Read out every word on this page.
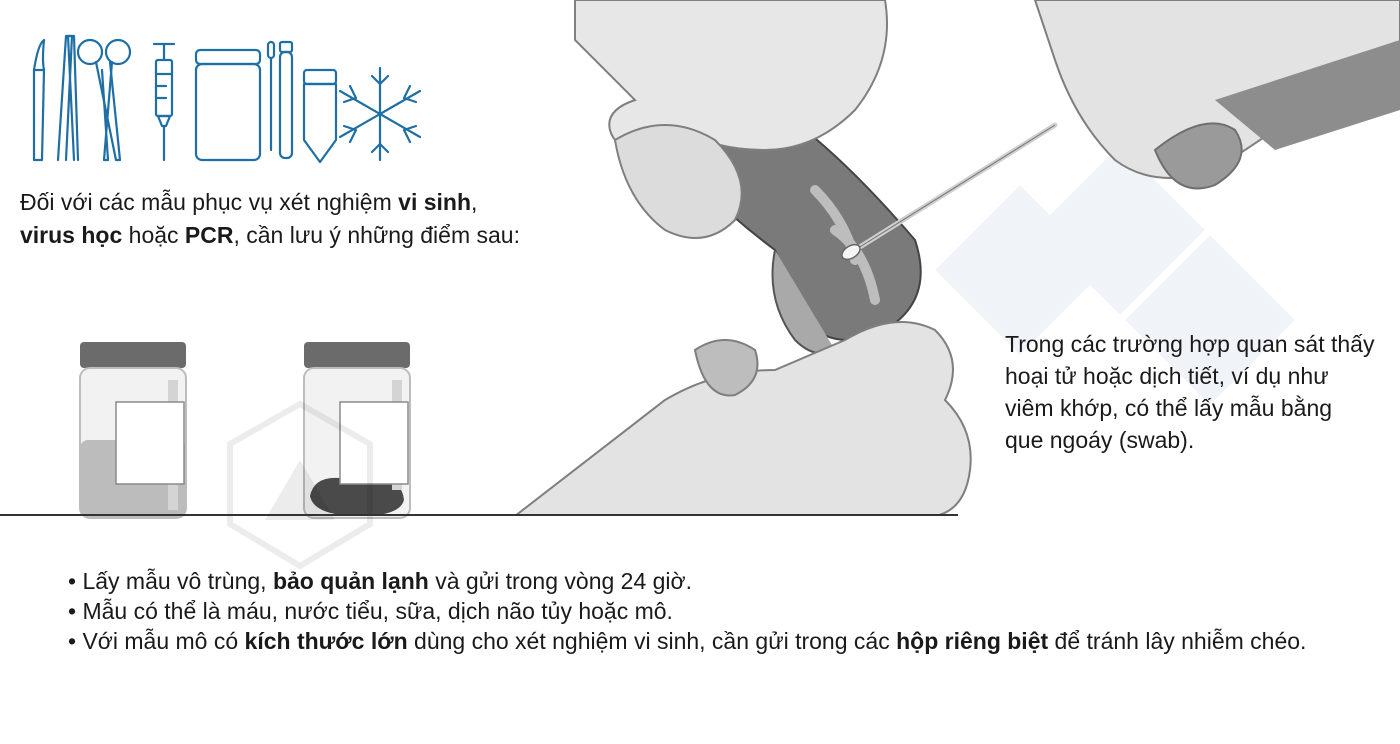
Đối với các mẫu phục vụ xét nghiệm vi sinh,
virus học hoặc PCR, cần lưu ý những điểm sau:

Trong các trường hợp quan sát thấy hoại tử hoặc dịch tiết, ví dụ như viêm khớp, có thể lấy mẫu bằng que ngoáy (swab).

• Lấy mẫu vô trùng, bảo quản lạnh và gửi trong vòng 24 giờ.
• Mẫu có thể là máu, nước tiểu, sữa, dịch não tủy hoặc mô.
• Với mẫu mô có kích thước lớn dùng cho xét nghiệm vi sinh, cần gửi trong các hộp riêng biệt để tránh lây nhiễm chéo.
